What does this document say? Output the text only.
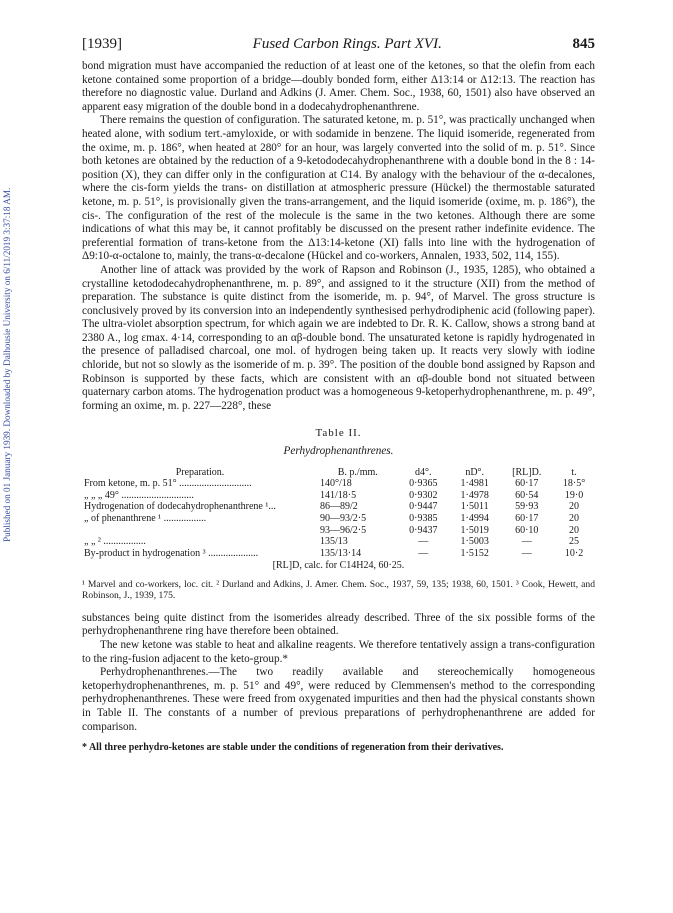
Published on 01 January 1939. Downloaded by Dalhousie University on 6/11/2019 3:37:18 AM.
[1939]	Fused Carbon Rings. Part XVI.	845

bond migration must have accompanied the reduction of at least one of the ketones, so that the olefin from each ketone contained some proportion of a bridge—doubly bonded form, either Δ13:14 or Δ12:13. The reaction has therefore no diagnostic value. Durland and Adkins (J. Amer. Chem. Soc., 1938, 60, 1501) also have observed an apparent easy migration of the double bond in a dodecahydrophenanthrene.

There remains the question of configuration. The saturated ketone, m. p. 51°, was practically unchanged when heated alone, with sodium tert.-amyloxide, or with sodamide in benzene. The liquid isomeride, regenerated from the oxime, m. p. 186°, when heated at 280° for an hour, was largely converted into the solid of m. p. 51°. Since both ketones are obtained by the reduction of a 9-ketododecahydrophenanthrene with a double bond in the 8 : 14-position (X), they can differ only in the configuration at C14. By analogy with the behaviour of the α-decalones, where the cis-form yields the trans- on distillation at atmospheric pressure (Hückel) the thermostable saturated ketone, m. p. 51°, is provisionally given the trans-arrangement, and the liquid isomeride (oxime, m. p. 186°), the cis-. The configuration of the rest of the molecule is the same in the two ketones. Although there are some indications of what this may be, it cannot profitably be discussed on the present rather indefinite evidence. The preferential formation of trans-ketone from the Δ13:14-ketone (XI) falls into line with the hydrogenation of Δ9:10-α-octalone to, mainly, the trans-α-decalone (Hückel and co-workers, Annalen, 1933, 502, 114, 155).

Another line of attack was provided by the work of Rapson and Robinson (J., 1935, 1285), who obtained a crystalline ketododecahydrophenanthrene, m. p. 89°, and assigned to it the structure (XII) from the method of preparation. The substance is quite distinct from the isomeride, m. p. 94°, of Marvel. The gross structure is conclusively proved by its conversion into an independently synthesised perhydrodiphenic acid (following paper). The ultra-violet absorption spectrum, for which again we are indebted to Dr. R. K. Callow, shows a strong band at 2380 A., log εmax. 4·14, corresponding to an αβ-double bond. The unsaturated ketone is rapidly hydrogenated in the presence of palladised charcoal, one mol. of hydrogen being taken up. It reacts very slowly with iodine chloride, but not so slowly as the isomeride of m. p. 39°. The position of the double bond assigned by Rapson and Robinson is supported by these facts, which are consistent with an αβ-double bond not situated between quaternary carbon atoms. The hydrogenation product was a homogeneous 9-ketoperhydrophenanthrene, m. p. 49°, forming an oxime, m. p. 227—228°, these

Table II.
Perhydrophenanthrenes.
Preparation.	B. p./mm.	d4°.	nD°.	[RL]D.	t.
From ketone, m. p. 51° .............................	140°/18	0·9365	1·4981	60·17	18·5°
„ „ „ 49° .............................	141/18·5	0·9302	1·4978	60·54	19·0
Hydrogenation of dodecahydrophenanthrene ¹...	86—89/2	0·9447	1·5011	59·93	20
„ of phenanthrene ¹ .................	90—93/2·5	0·9385	1·4994	60·17	20
	93—96/2·5	0·9437	1·5019	60·10	20
„ „ ² .................	135/13	—	1·5003	—	25
By-product in hydrogenation ³ ....................	135/13·14	—	1·5152	—	10·2
[RL]D, calc. for C14H24, 60·25.
¹ Marvel and co-workers, loc. cit. ² Durland and Adkins, J. Amer. Chem. Soc., 1937, 59, 135; 1938, 60, 1501. ³ Cook, Hewett, and Robinson, J., 1939, 175.

substances being quite distinct from the isomerides already described. Three of the six possible forms of the perhydrophenanthrene ring have therefore been obtained.

The new ketone was stable to heat and alkaline reagents. We therefore tentatively assign a trans-configuration to the ring-fusion adjacent to the keto-group.*

Perhydrophenanthrenes.—The two readily available and stereochemically homogeneous ketoperhydrophenanthrenes, m. p. 51° and 49°, were reduced by Clemmensen's method to the corresponding perhydrophenanthrenes. These were freed from oxygenated impurities and then had the physical constants shown in Table II. The constants of a number of previous preparations of perhydrophenanthrene are added for comparison.

* All three perhydro-ketones are stable under the conditions of regeneration from their derivatives.
